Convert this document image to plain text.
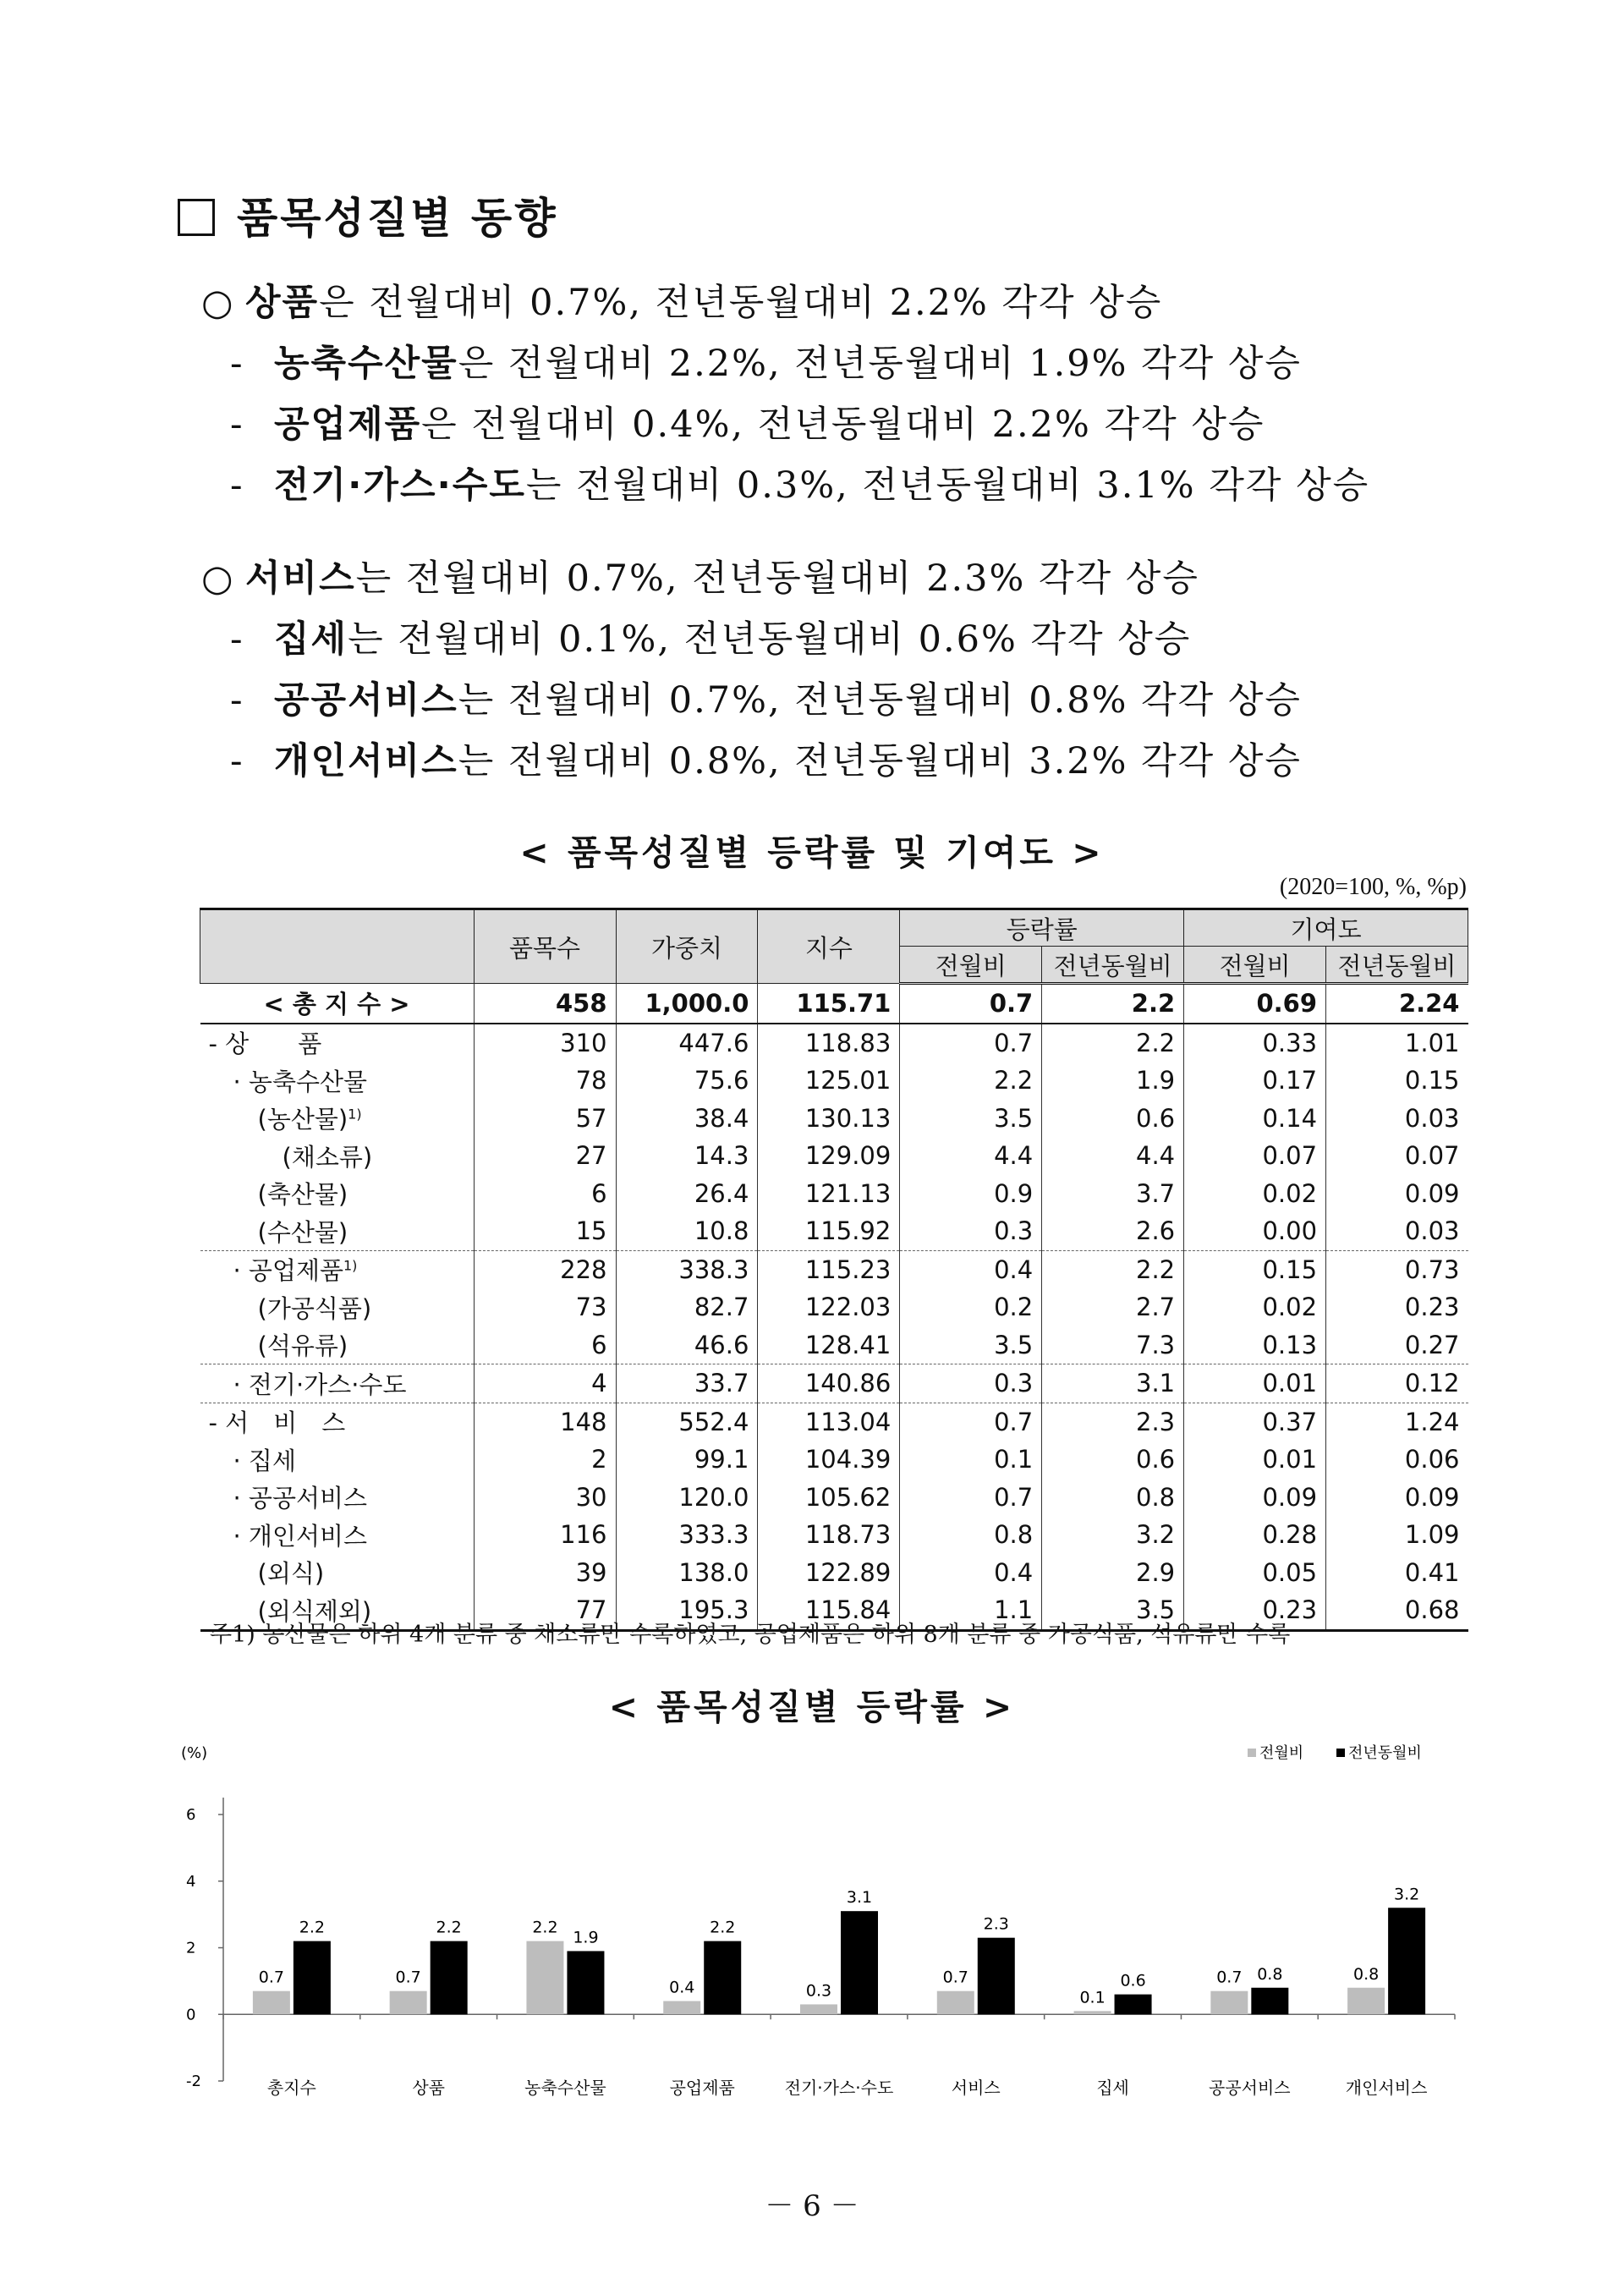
품목성질별 동향
○ 상품은 전월대비 0.7%, 전년동월대비 2.2% 각각 상승
- 농축수산물은 전월대비 2.2%, 전년동월대비 1.9% 각각 상승
- 공업제품은 전월대비 0.4%, 전년동월대비 2.2% 각각 상승
- 전기·가스·수도는 전월대비 0.3%, 전년동월대비 3.1% 각각 상승
○ 서비스는 전월대비 0.7%, 전년동월대비 2.3% 각각 상승
- 집세는 전월대비 0.1%, 전년동월대비 0.6% 각각 상승
- 공공서비스는 전월대비 0.7%, 전년동월대비 0.8% 각각 상승
- 개인서비스는 전월대비 0.8%, 전년동월대비 3.2% 각각 상승
< 품목성질별 등락률 및 기여도 >
(2020=100, %, %p)
	품목수	가중치	지수	등락률		기여도	
				전월비	전년동월비	전월비	전년동월비
< 총 지 수 >	458	1,000.0	115.71	0.7	2.2	0.69	2.24
- 상　　품	310	447.6	118.83	0.7	2.2	0.33	1.01
　· 농축수산물	78	75.6	125.01	2.2	1.9	0.17	0.15
　　(농산물)$^{1)}$	57	38.4	130.13	3.5	0.6	0.14	0.03
　　　(채소류)	27	14.3	129.09	4.4	4.4	0.07	0.07
　　(축산물)	6	26.4	121.13	0.9	3.7	0.02	0.09
　　(수산물)	15	10.8	115.92	0.3	2.6	0.00	0.03
　· 공업제품$^{1)}$	228	338.3	115.23	0.4	2.2	0.15	0.73
　　(가공식품)	73	82.7	122.03	0.2	2.7	0.02	0.23
　　(석유류)	6	46.6	128.41	3.5	7.3	0.13	0.27
　· 전기·가스·수도	4	33.7	140.86	0.3	3.1	0.01	0.12
- 서　비　스	148	552.4	113.04	0.7	2.3	0.37	1.24
　· 집세	2	99.1	104.39	0.1	0.6	0.01	0.06
　· 공공서비스	30	120.0	105.62	0.7	0.8	0.09	0.09
　· 개인서비스	116	333.3	118.73	0.8	3.2	0.28	1.09
　　(외식)	39	138.0	122.89	0.4	2.9	0.05	0.41
　　(외식제외)	77	195.3	115.84	1.1	3.5	0.23	0.68
주1) 농산물은 하위 4개 분류 중 채소류만 수록하였고, 공업제품은 하위 8개 분류 중 가공식품, 석유류만 수록
< 품목성질별 등락률 >
(%)
-2
0
2
4
6
0.7
2.2
총지수
0.7
2.2
상품
2.2
1.9
농축수산물
0.4
2.2
공업제품
0.3
3.1
전기·가스·수도
0.7
2.3
서비스
0.1
0.6
집세
0.7 0.8
공공서비스
0.8
3.2
개인서비스
전월비	전년동월비
－ 6 －
